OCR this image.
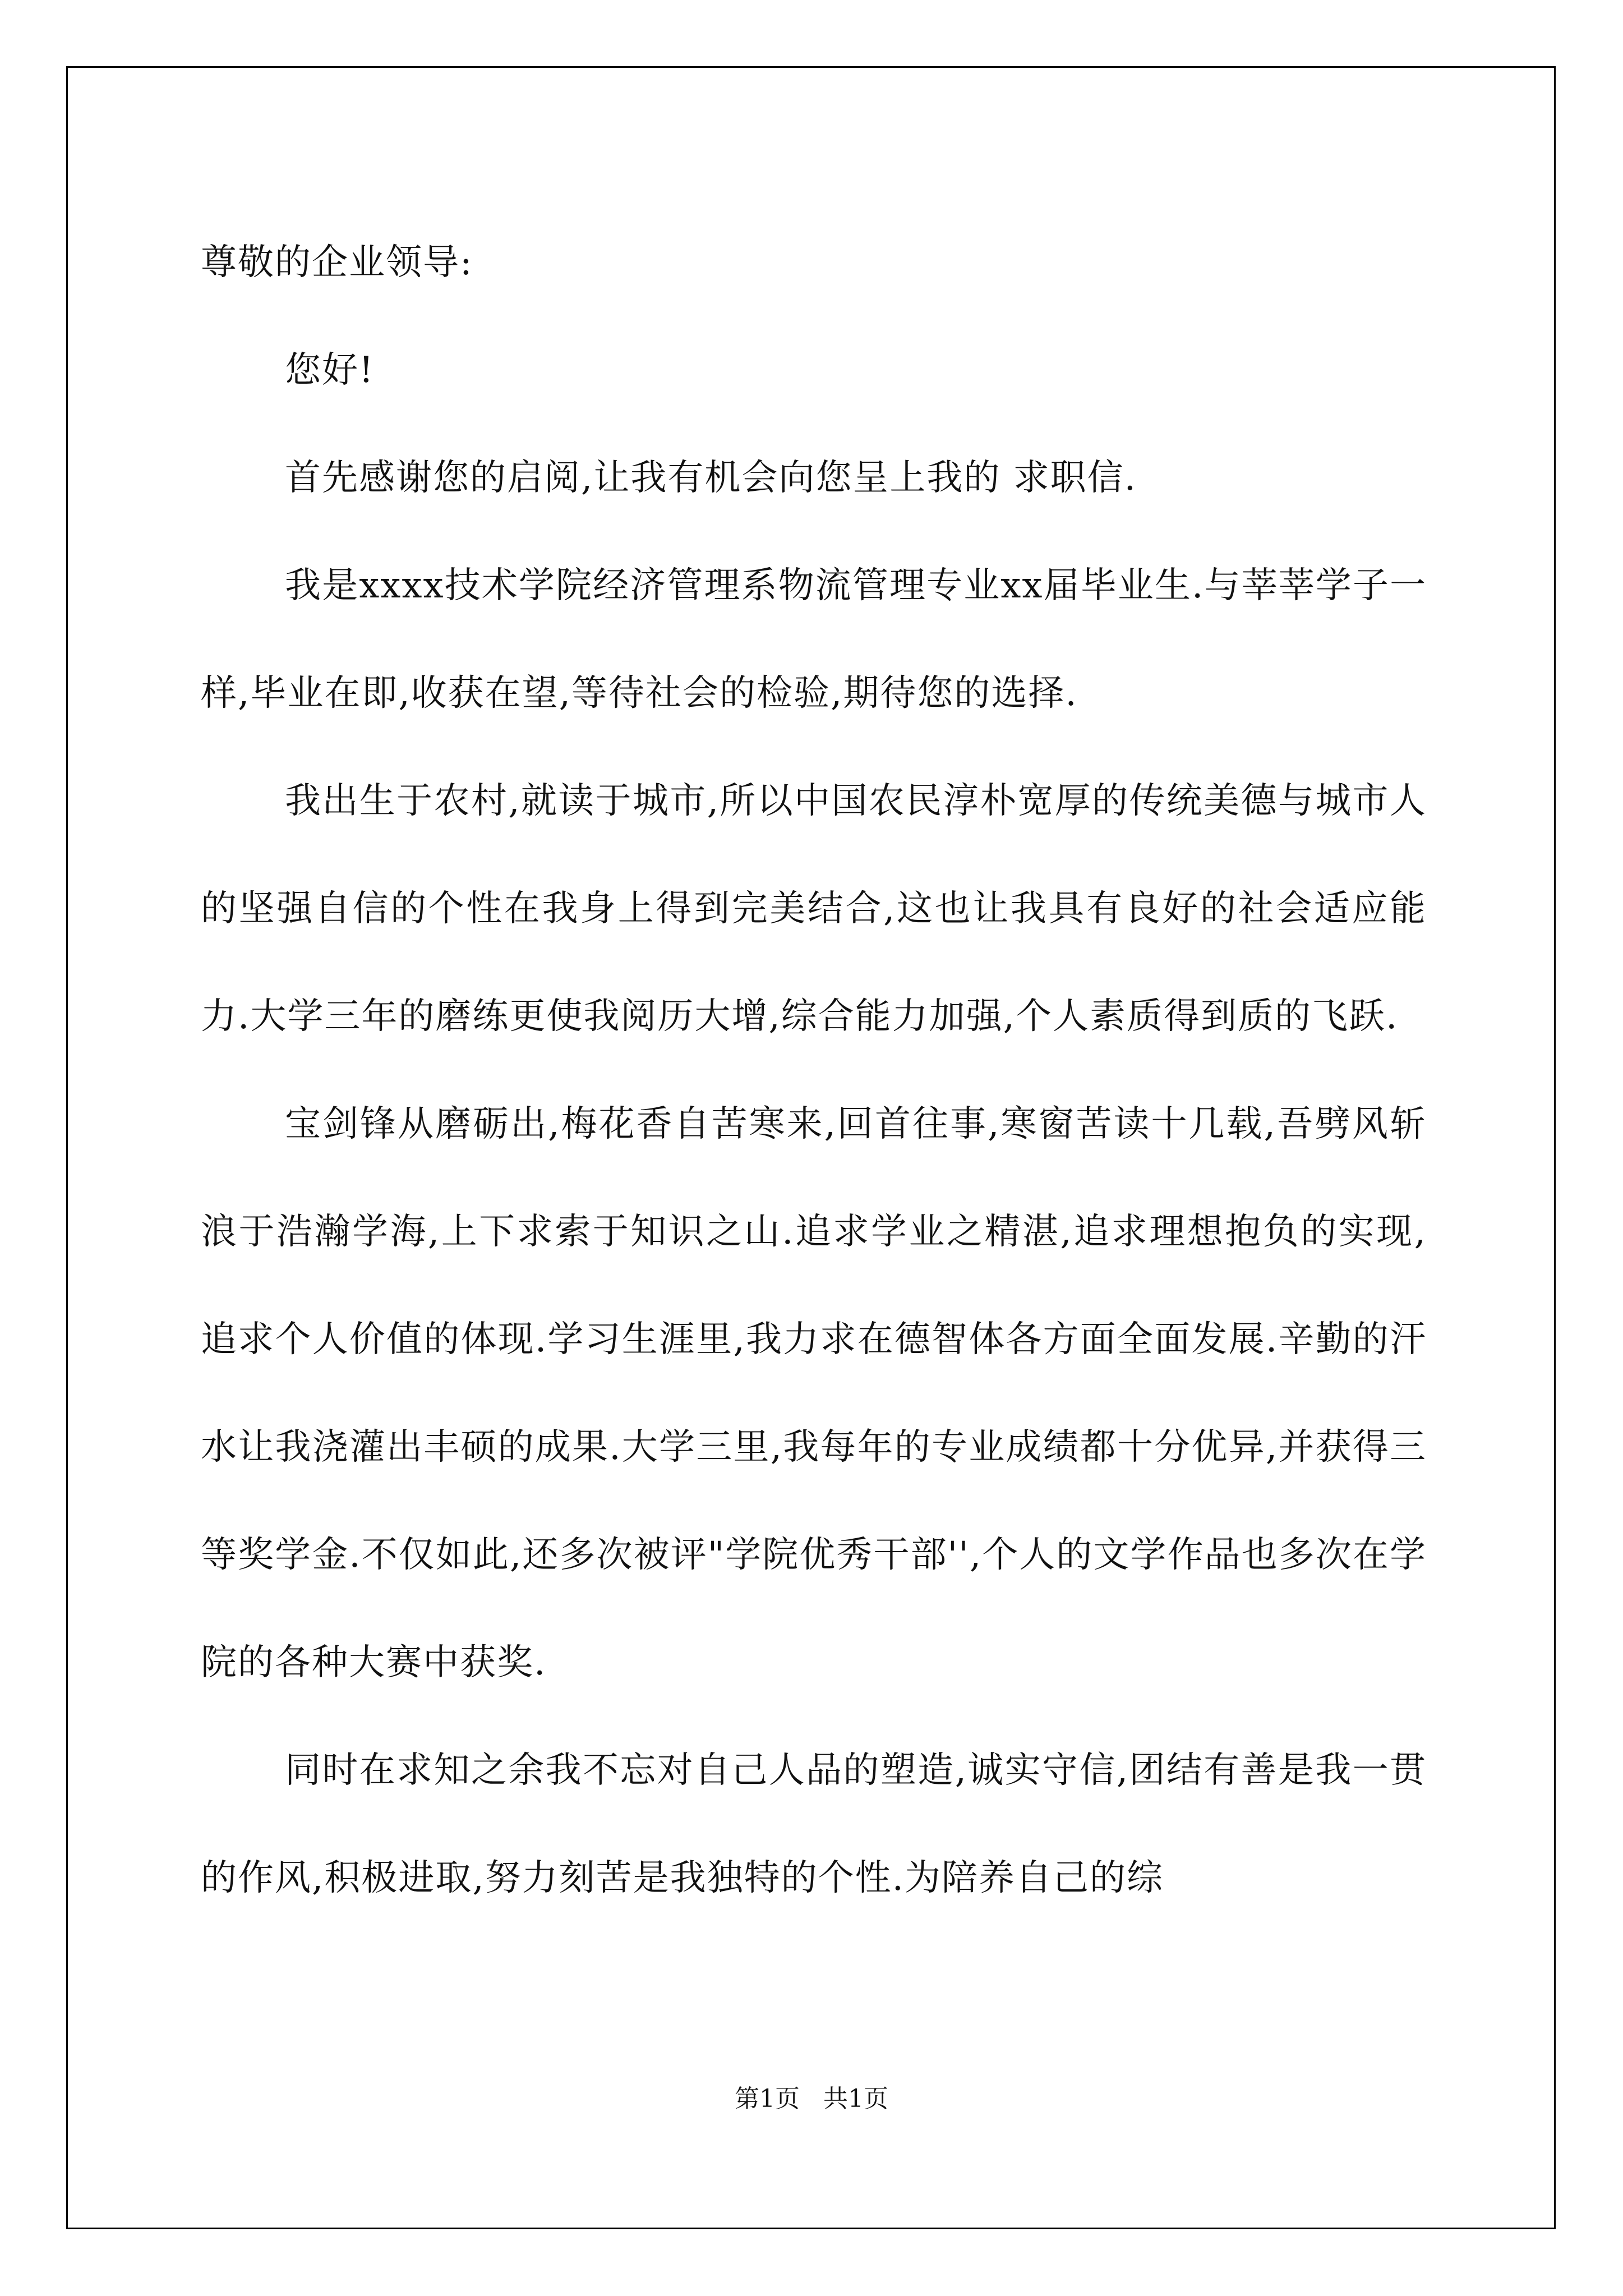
尊敬的企业领导:

您好!

首先感谢您的启阅,让我有机会向您呈上我的 求职信.

我是xxxx技术学院经济管理系物流管理专业xx届毕业生.与莘莘学子一样,毕业在即,收获在望,等待社会的检验,期待您的选择.

我出生于农村,就读于城市,所以中国农民淳朴宽厚的传统美德与城市人的坚强自信的个性在我身上得到完美结合,这也让我具有良好的社会适应能力.大学三年的磨练更使我阅历大增,综合能力加强,个人素质得到质的飞跃.

宝剑锋从磨砺出,梅花香自苦寒来,回首往事,寒窗苦读十几载,吾劈风斩浪于浩瀚学海,上下求索于知识之山.追求学业之精湛,追求理想抱负的实现,追求个人价值的体现.学习生涯里,我力求在德智体各方面全面发展.辛勤的汗水让我浇灌出丰硕的成果.大学三里,我每年的专业成绩都十分优异,并获得三等奖学金.不仅如此,还多次被评"学院优秀干部'',个人的文学作品也多次在学院的各种大赛中获奖.

同时在求知之余我不忘对自己人品的塑造,诚实守信,团结有善是我一贯的作风,积极进取,努力刻苦是我独特的个性.为陪养自己的综

第1页   共1页
